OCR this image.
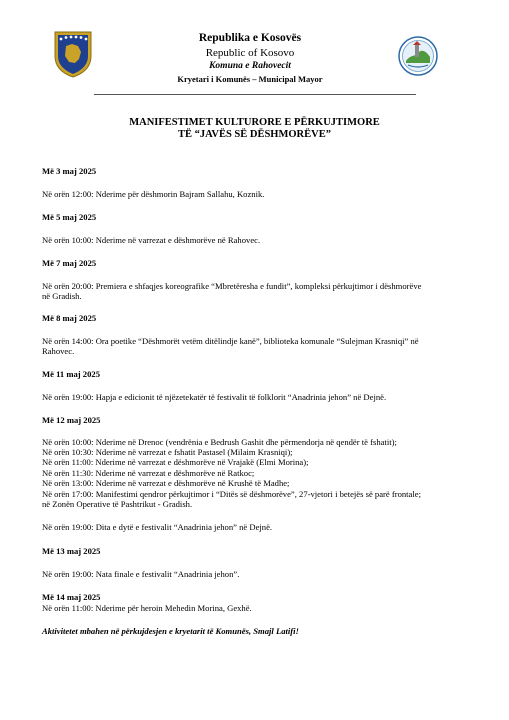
Republika e Kosovës
Republic of Kosovo
Komuna e Rahovecit
Kryetari i Komunës – Municipal Mayor
MANIFESTIMET KULTURORE E PËRKUJTIMORE
TË “JAVËS SË DËSHMORËVE”
Më 3 maj 2025
Në orën 12:00: Nderime për dëshmorin Bajram Sallahu, Koznik.
Më 5 maj 2025
Në orën 10:00: Nderime në varrezat e dëshmorëve në Rahovec.
Më 7 maj 2025
Në orën 20:00: Premiera e shfaqjes koreografike “Mbretëresha e fundit”, kompleksi përkujtimor i dëshmorëve
në Gradish.
Më 8 maj 2025
Në orën 14:00: Ora poetike “Dëshmorët vetëm ditëlindje kanë”, biblioteka komunale “Sulejman Krasniqi” në
Rahovec.
Më 11 maj 2025
Në orën 19:00: Hapja e edicionit të njëzetekatër të festivalit të folklorit “Anadrinia jehon” në Dejnë.
Më 12 maj 2025
Në orën 10:00: Nderime në Drenoc (vendrënia e Bedrush Gashit dhe përmendorja në qendër të fshatit);
Në orën 10:30: Nderime në varrezat e fshatit Pastasel (Milaim Krasniqi);
Në orën 11:00: Nderime në varrezat e dëshmorëve në Vrajakë (Elmi Morina);
Në orën 11:30: Nderime në varrezat e dëshmorëve në Ratkoc;
Në orën 13:00: Nderime në varrezat e dëshmorëve në Krushë të Madhe;
Në orën 17:00: Manifestimi qendror përkujtimor i “Ditës së dëshmorëve”, 27-vjetori i betejës së parë frontale;
në Zonën Operative të Pashtrikut - Gradish.
Në orën 19:00: Dita e dytë e festivalit “Anadrinia jehon” në Dejnë.
Më 13 maj 2025
Në orën 19:00: Nata finale e festivalit “Anadrinia jehon”.
Më 14 maj 2025
Në orën 11:00: Nderime për heroin Mehedin Morina, Gexhë.
Aktivitetet mbahen në përkujdesjen e kryetarit të Komunës, Smajl Latifi!
